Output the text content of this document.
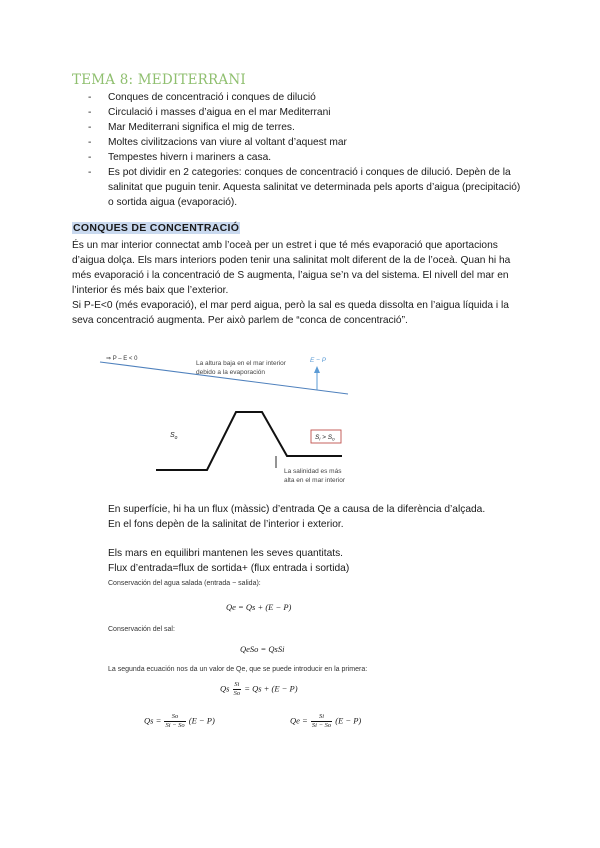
TEMA 8: MEDITERRANI
- Conques de concentració i conques de dilució
- Circulació i masses d’aigua en el mar Mediterrani
- Mar Mediterrani significa el mig de terres.
- Moltes civilitzacions van viure al voltant d’aquest mar
- Tempestes hivern i mariners a casa.
- Es pot dividir en 2 categories: conques de concentració i conques de dilució. Depèn de la salinitat que puguin tenir. Aquesta salinitat ve determinada pels aports d’aigua (precipitació) o sortida aigua (evaporació).
CONQUES DE CONCENTRACIÓ

És un mar interior connectat amb l’oceà per un estret i que té més evaporació que aportacions d’aigua dolça. Els mars interiors poden tenir una salinitat molt diferent de la de l’oceà. Quan hi ha més evaporació i la concentració de S augmenta, l’aigua se’n va del sistema. El nivell del mar en l’interior és més baix que l’exterior.

Si P-E<0 (més evaporació), el mar perd aigua, però la sal es queda dissolta en l’aigua líquida i la seva concentració augmenta. Per això parlem de “conca de concentració”.

⇒ P – E < 0
La altura baja en el mar interior debido a la evaporación
E − P
$S_o$	$S_i > S_o$
La salinidad es más alta en el mar interior

En superfície, hi ha un flux (màssic) d’entrada Qe a causa de la diferència d’alçada.

En el fons depèn de la salinitat de l’interior i exterior.

Els mars en equilibri mantenen les seves quantitats.

Flux d’entrada=flux de sortida+ (flux entrada i sortida)

Conservación del agua salada (entrada − salida):
Qe = Qs + (E − P)
Conservación del sal:
QeSo = QsSi
La segunda ecuación nos da un valor de Qe, que se puede introducir en la primera:
Qs $\frac{Si}{So} = Qs + (E - P)$
$Qs = \frac{So}{Si - So} (E - P)$	$Qe = \frac{Si}{Si - So} (E - P)$
